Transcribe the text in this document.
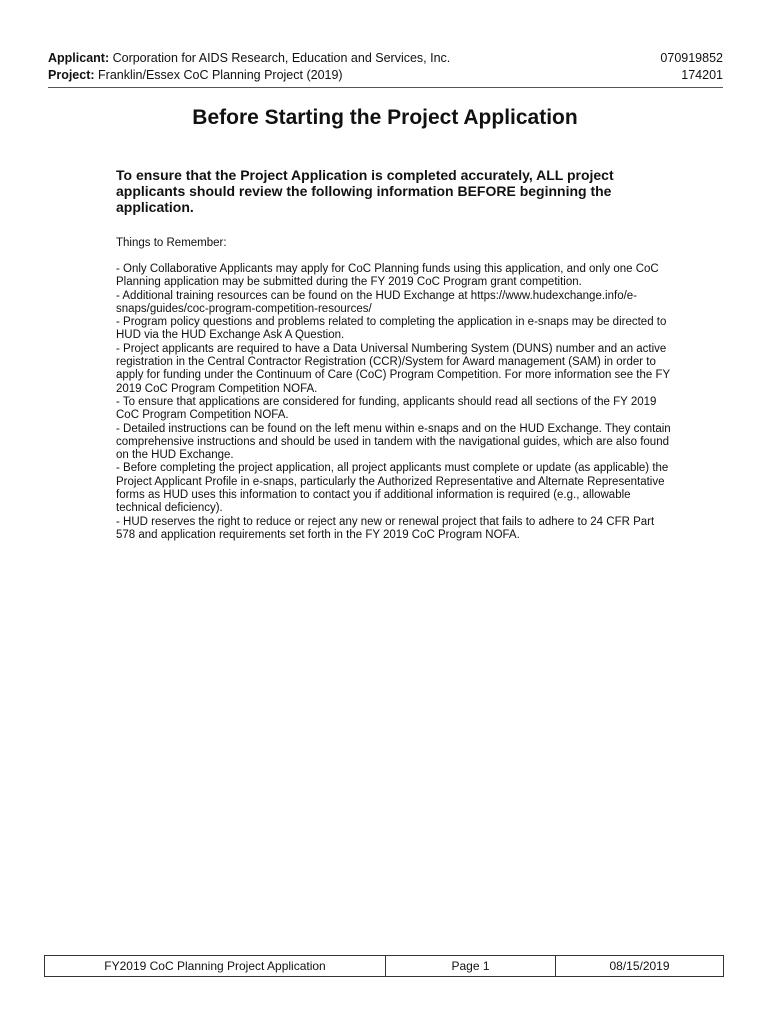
Applicant: Corporation for AIDS Research, Education and Services, Inc.	070919852
Project: Franklin/Essex CoC Planning Project (2019)	174201
Before Starting the Project Application

To ensure that the Project Application is completed accurately, ALL project applicants should review the following information BEFORE beginning the application.

Things to Remember:

- Only Collaborative Applicants may apply for CoC Planning funds using this application, and only one CoC Planning application may be submitted during the FY 2019 CoC Program grant competition.

- Additional training resources can be found on the HUD Exchange at https://www.hudexchange.info/e-snaps/guides/coc-program-competition-resources/

- Program policy questions and problems related to completing the application in e-snaps may be directed to HUD via the HUD Exchange Ask A Question.

- Project applicants are required to have a Data Universal Numbering System (DUNS) number and an active registration in the Central Contractor Registration (CCR)/System for Award management (SAM) in order to apply for funding under the Continuum of Care (CoC) Program Competition. For more information see the FY 2019 CoC Program Competition NOFA.

- To ensure that applications are considered for funding, applicants should read all sections of the FY 2019 CoC Program Competition NOFA.

- Detailed instructions can be found on the left menu within e-snaps and on the HUD Exchange. They contain comprehensive instructions and should be used in tandem with the navigational guides, which are also found on the HUD Exchange.

- Before completing the project application, all project applicants must complete or update (as applicable) the Project Applicant Profile in e-snaps, particularly the Authorized Representative and Alternate Representative forms as HUD uses this information to contact you if additional information is required (e.g., allowable technical deficiency).

- HUD reserves the right to reduce or reject any new or renewal project that fails to adhere to 24 CFR Part 578 and application requirements set forth in the FY 2019 CoC Program NOFA.

FY2019 CoC Planning Project Application	Page 1	08/15/2019
